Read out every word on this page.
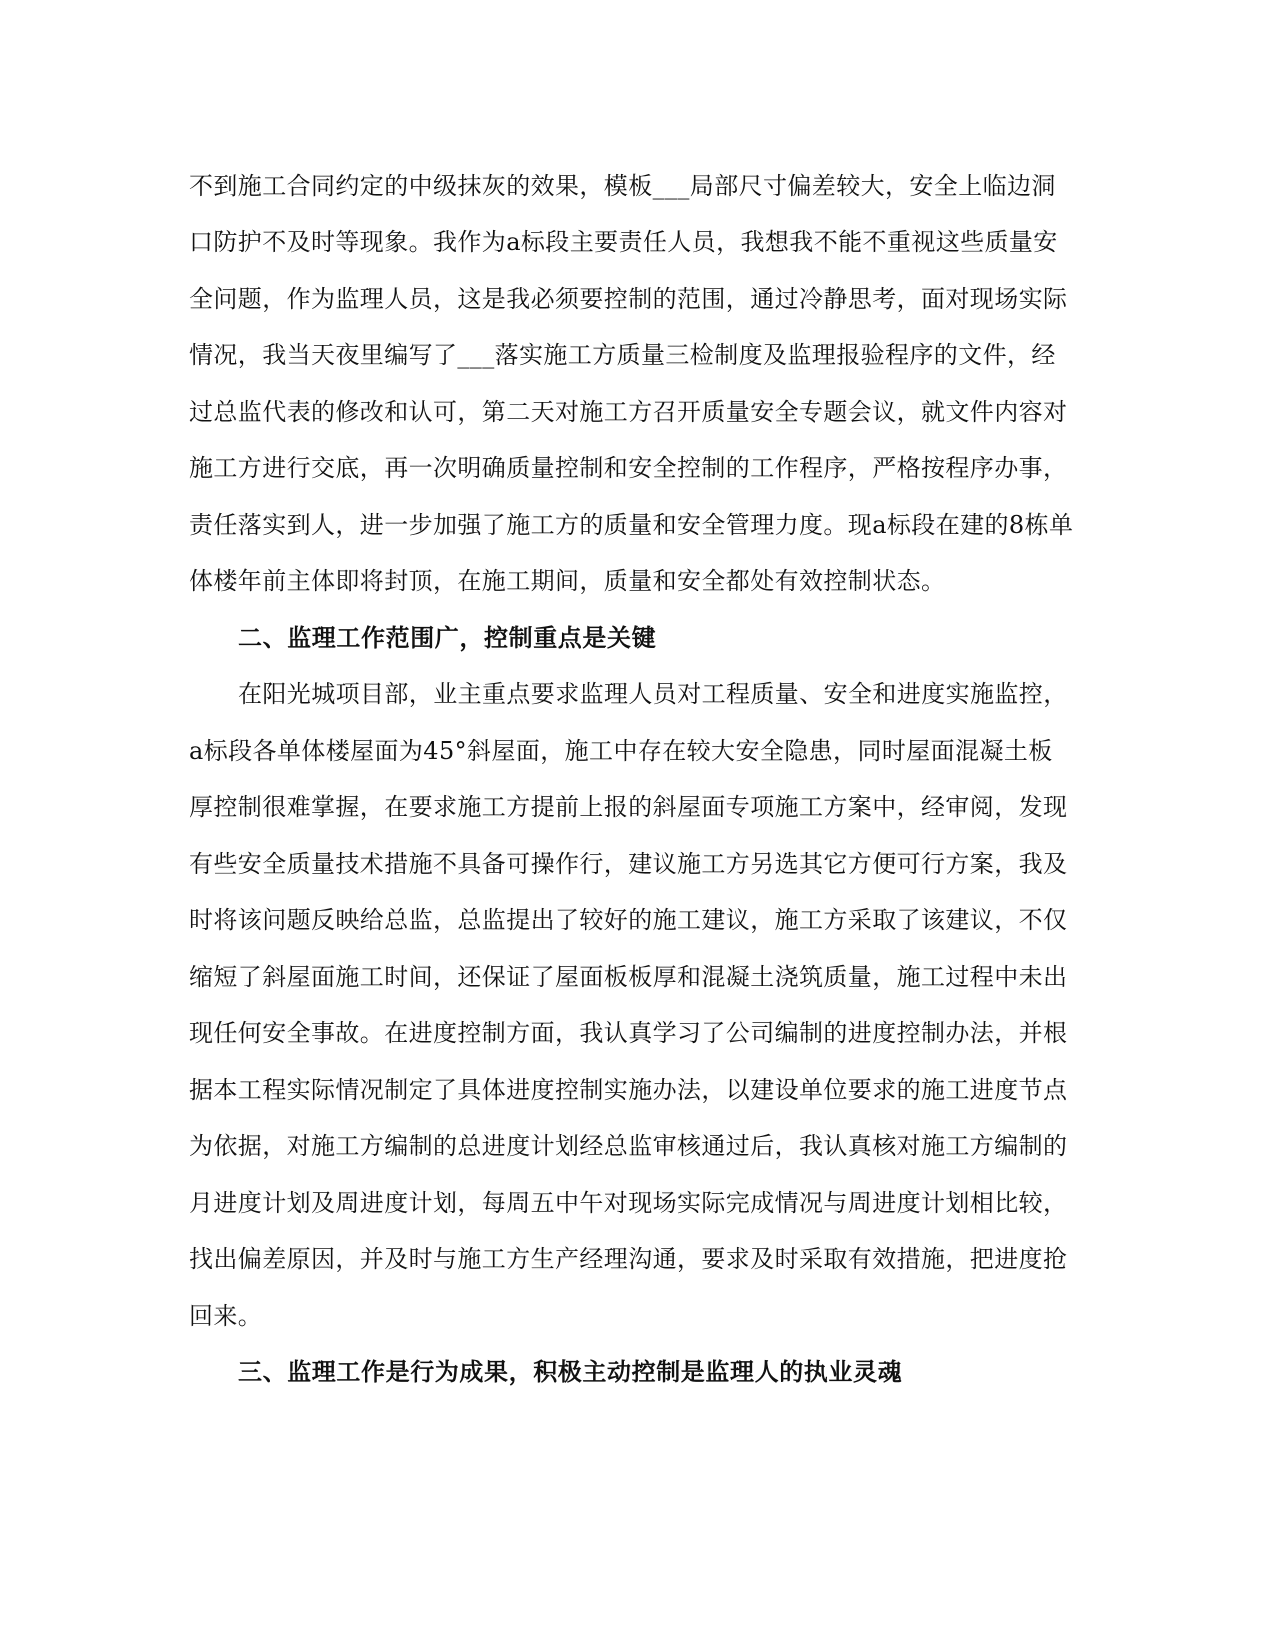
不到施工合同约定的中级抹灰的效果，模板___局部尺寸偏差较大，安全上临边洞

口防护不及时等现象。我作为a标段主要责任人员，我想我不能不重视这些质量安

全问题，作为监理人员，这是我必须要控制的范围，通过冷静思考，面对现场实际

情况，我当天夜里编写了___落实施工方质量三检制度及监理报验程序的文件，经

过总监代表的修改和认可，第二天对施工方召开质量安全专题会议，就文件内容对

施工方进行交底，再一次明确质量控制和安全控制的工作程序，严格按程序办事，

责任落实到人，进一步加强了施工方的质量和安全管理力度。现a标段在建的8栋单

体楼年前主体即将封顶，在施工期间，质量和安全都处有效控制状态。

二、监理工作范围广，控制重点是关键

在阳光城项目部，业主重点要求监理人员对工程质量、安全和进度实施监控，

a标段各单体楼屋面为45°斜屋面，施工中存在较大安全隐患，同时屋面混凝土板

厚控制很难掌握，在要求施工方提前上报的斜屋面专项施工方案中，经审阅，发现

有些安全质量技术措施不具备可操作行，建议施工方另选其它方便可行方案，我及

时将该问题反映给总监，总监提出了较好的施工建议，施工方采取了该建议，不仅

缩短了斜屋面施工时间，还保证了屋面板板厚和混凝土浇筑质量，施工过程中未出

现任何安全事故。在进度控制方面，我认真学习了公司编制的进度控制办法，并根

据本工程实际情况制定了具体进度控制实施办法，以建设单位要求的施工进度节点

为依据，对施工方编制的总进度计划经总监审核通过后，我认真核对施工方编制的

月进度计划及周进度计划，每周五中午对现场实际完成情况与周进度计划相比较，

找出偏差原因，并及时与施工方生产经理沟通，要求及时采取有效措施，把进度抢

回来。

三、监理工作是行为成果，积极主动控制是监理人的执业灵魂
